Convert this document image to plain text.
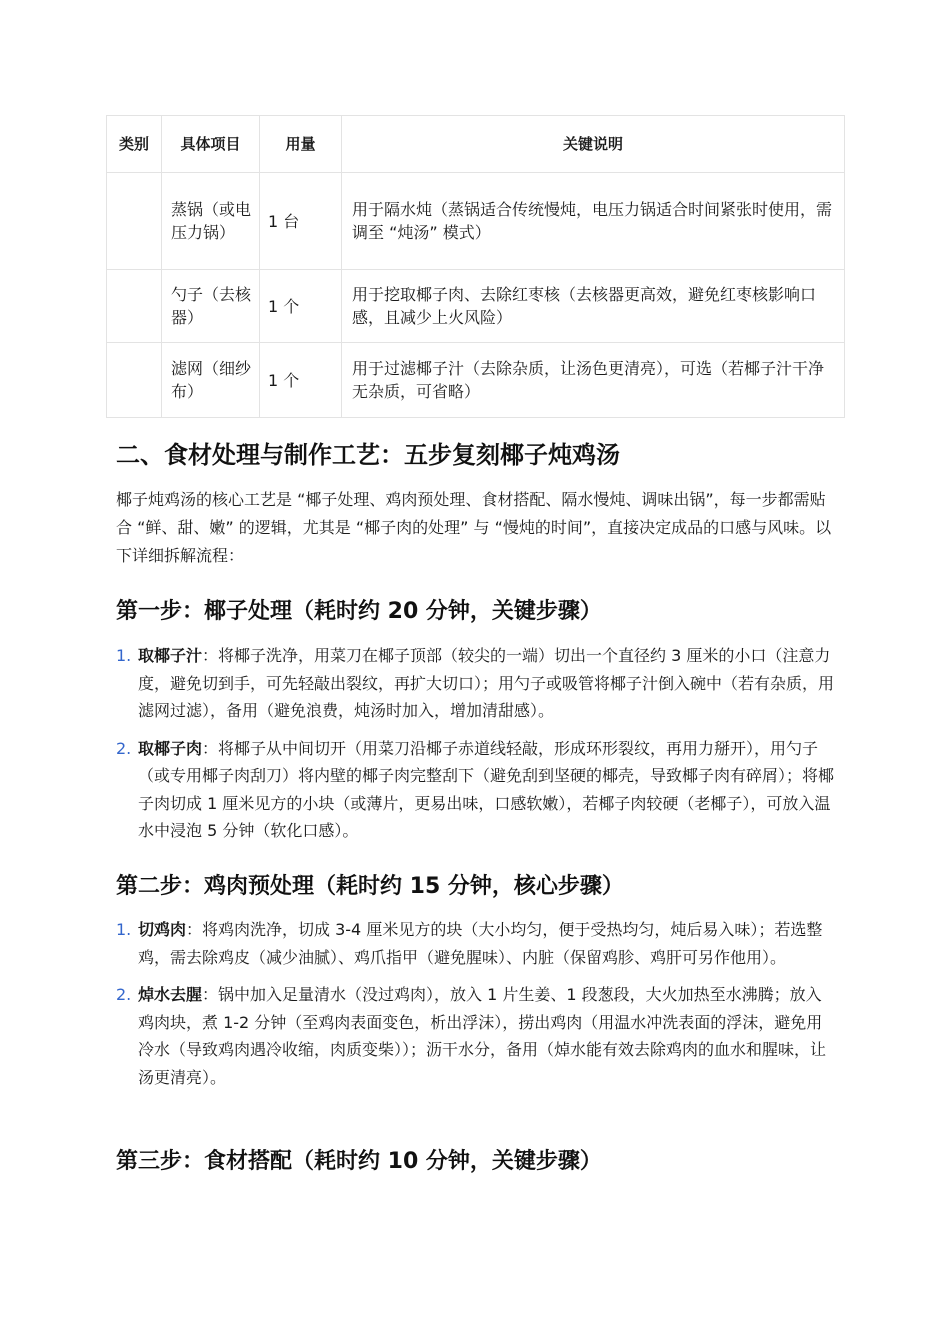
类别	具体项目	用量	关键说明
	蒸锅（或电压力锅）	1 台	用于隔水炖（蒸锅适合传统慢炖，电压力锅适合时间紧张时使用，需调至 “炖汤” 模式）
	勺子（去核器）	1 个	用于挖取椰子肉、去除红枣核（去核器更高效，避免红枣核影响口感，且减少上火风险）
	滤网（细纱布）	1 个	用于过滤椰子汁（去除杂质，让汤色更清亮），可选（若椰子汁干净无杂质，可省略）
二、食材处理与制作工艺：五步复刻椰子炖鸡汤

椰子炖鸡汤的核心工艺是 “椰子处理、鸡肉预处理、食材搭配、隔水慢炖、调味出锅”，每一步都需贴合 “鲜、甜、嫩” 的逻辑，尤其是 “椰子肉的处理” 与 “慢炖的时间”，直接决定成品的口感与风味。以下详细拆解流程：

第一步：椰子处理（耗时约 20 分钟，关键步骤）
1. 取椰子汁：将椰子洗净，用菜刀在椰子顶部（较尖的一端）切出一个直径约 3 厘米的小口（注意力度，避免切到手，可先轻敲出裂纹，再扩大切口）；用勺子或吸管将椰子汁倒入碗中（若有杂质，用滤网过滤），备用（避免浪费，炖汤时加入，增加清甜感）。
2. 取椰子肉：将椰子从中间切开（用菜刀沿椰子赤道线轻敲，形成环形裂纹，再用力掰开），用勺子（或专用椰子肉刮刀）将内壁的椰子肉完整刮下（避免刮到坚硬的椰壳，导致椰子肉有碎屑）；将椰子肉切成 1 厘米见方的小块（或薄片，更易出味，口感软嫩），若椰子肉较硬（老椰子），可放入温水中浸泡 5 分钟（软化口感）。
第二步：鸡肉预处理（耗时约 15 分钟，核心步骤）
1. 切鸡肉：将鸡肉洗净，切成 3-4 厘米见方的块（大小均匀，便于受热均匀，炖后易入味）；若选整鸡，需去除鸡皮（减少油腻）、鸡爪指甲（避免腥味）、内脏（保留鸡胗、鸡肝可另作他用）。
2. 焯水去腥：锅中加入足量清水（没过鸡肉），放入 1 片生姜、1 段葱段，大火加热至水沸腾；放入鸡肉块，煮 1-2 分钟（至鸡肉表面变色，析出浮沫），捞出鸡肉（用温水冲洗表面的浮沫，避免用冷水（导致鸡肉遇冷收缩，肉质变柴））；沥干水分，备用（焯水能有效去除鸡肉的血水和腥味，让汤更清亮）。
第三步：食材搭配（耗时约 10 分钟，关键步骤）
